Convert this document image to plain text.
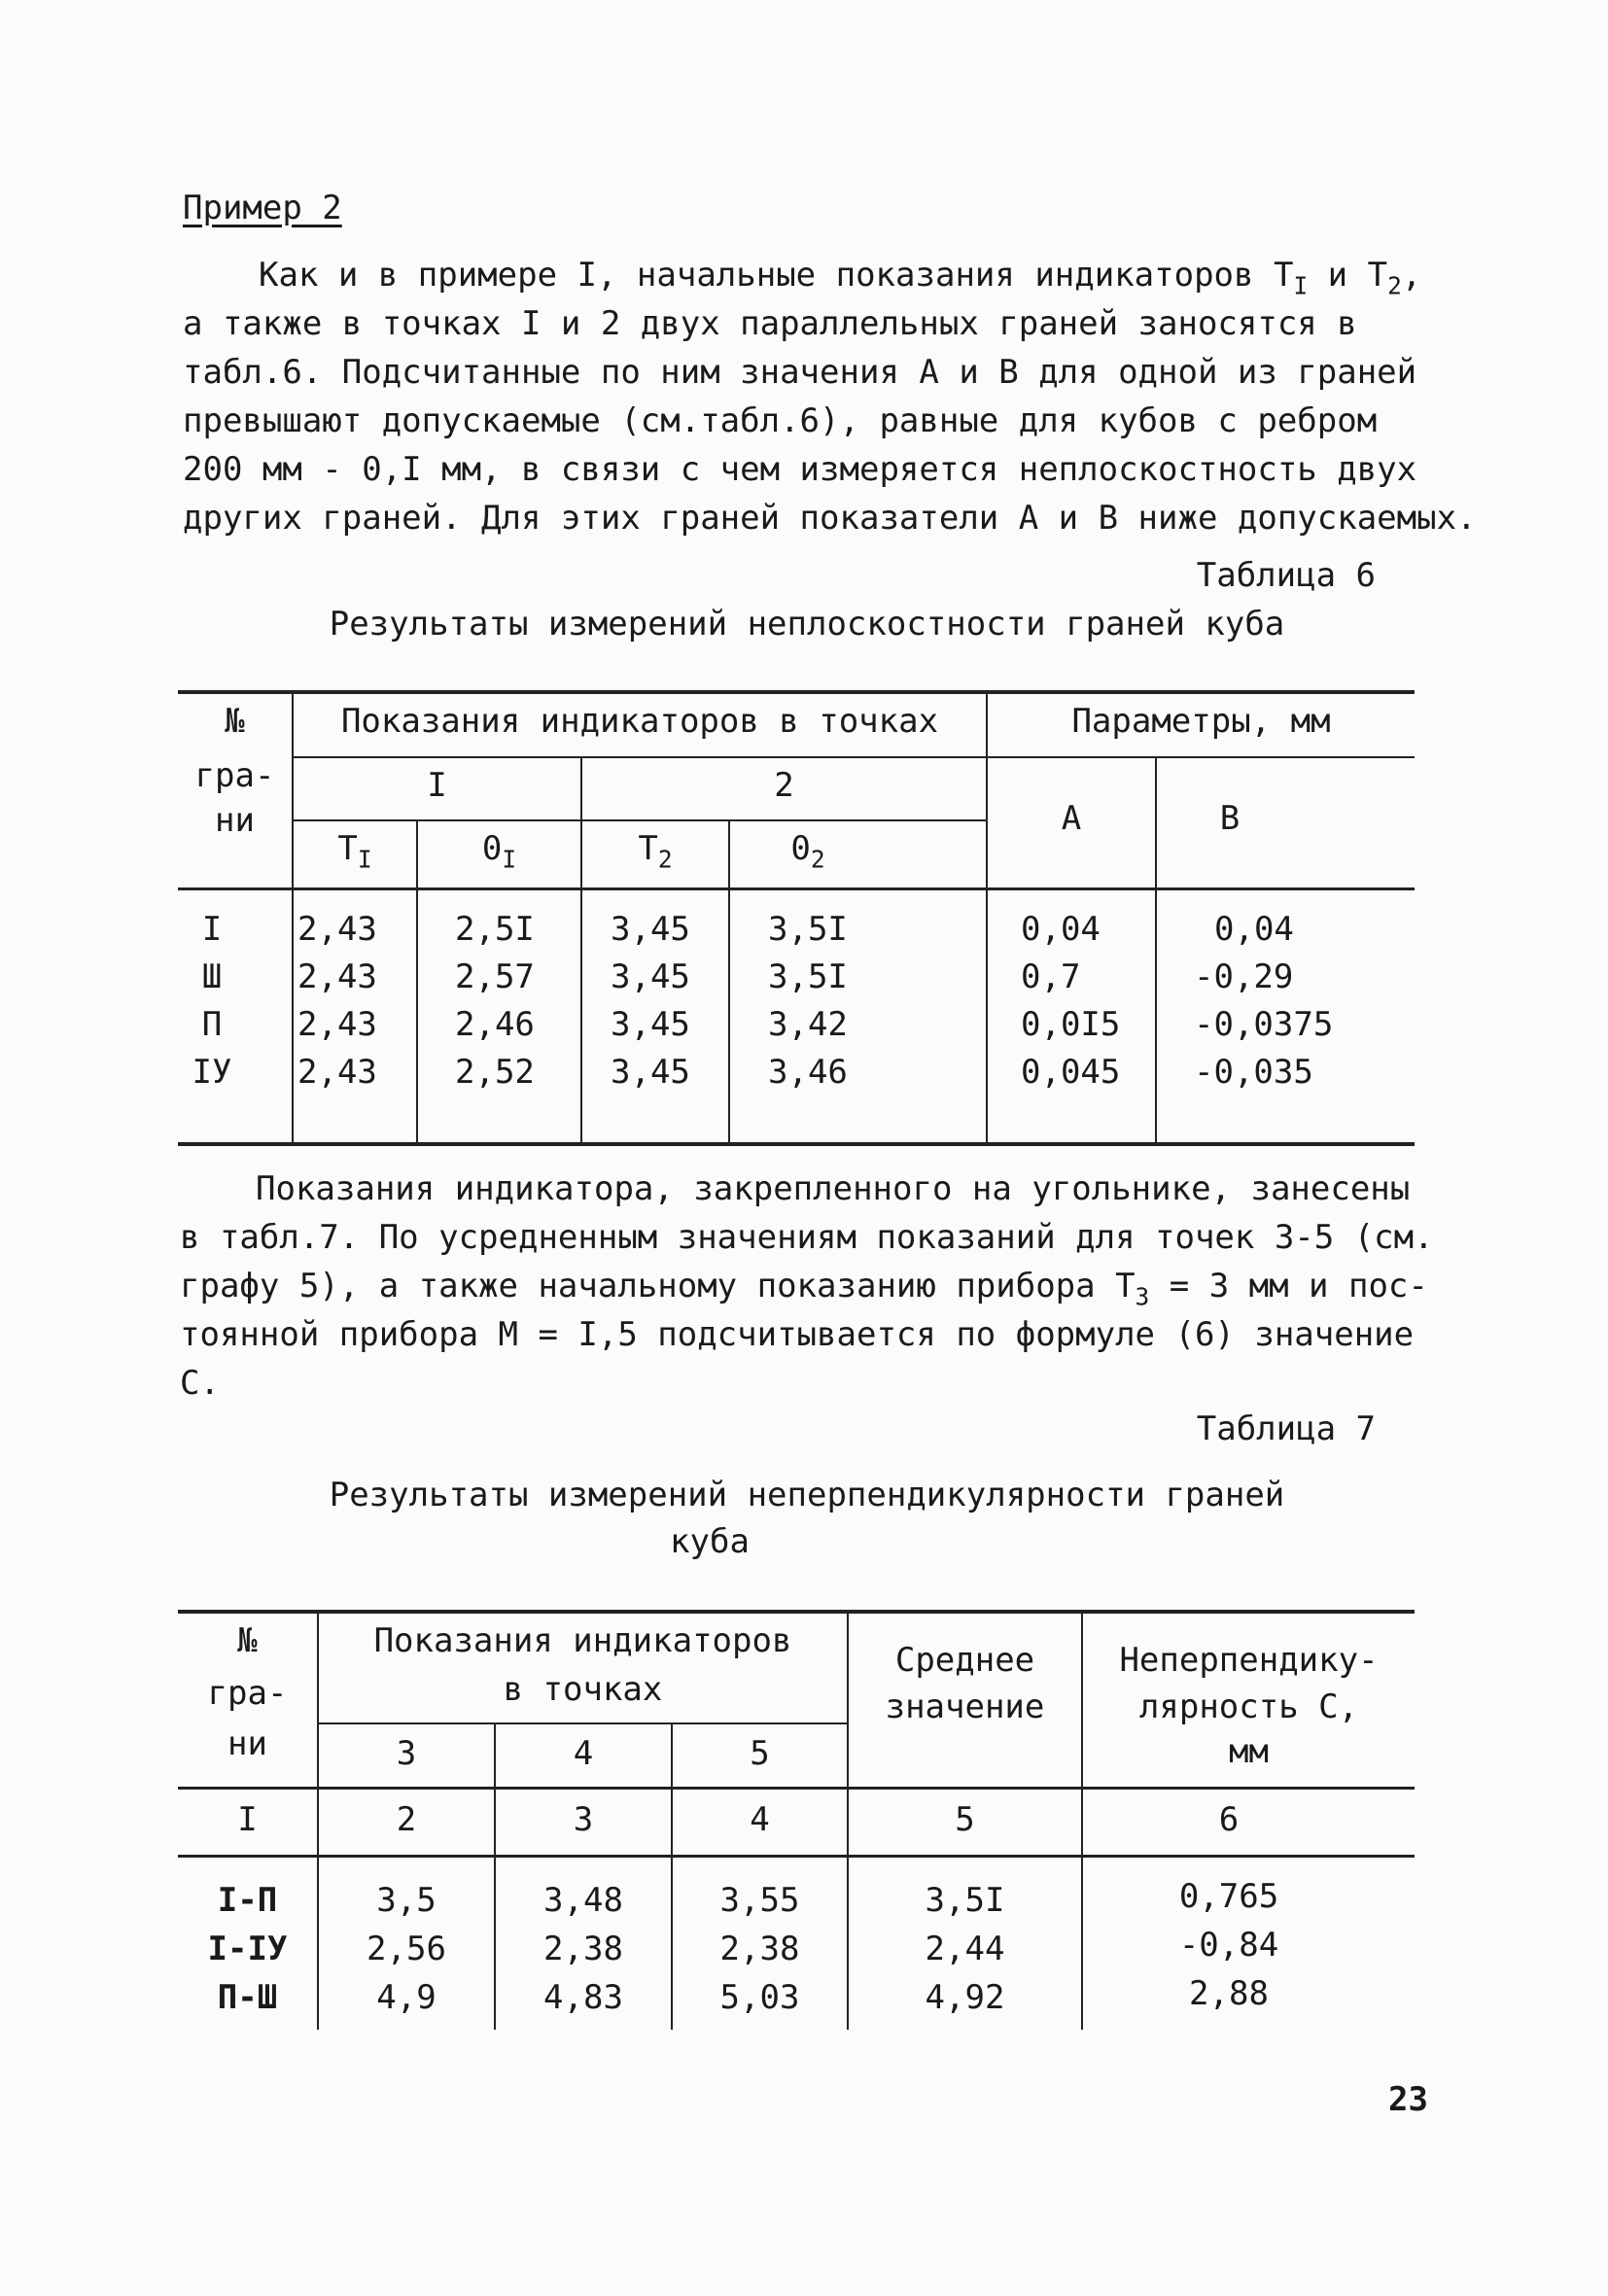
Пример 2
Как и в примере I, начальные показания индикаторов $T_I$ и $T_2$,
а также в точках I и 2 двух параллельных граней заносятся в
табл.6. Подсчитанные по ним значения A и B для одной из граней
превышают допускаемые (см.табл.6), равные для кубов с ребром
200 мм - 0,I мм, в связи с чем измеряется неплоскостность двух
других граней. Для этих граней показатели A и B ниже допускаемых.
Таблица 6
Результаты измерений неплоскостности граней куба
№
гра-
ни
Показания индикаторов в точках	Параметры, мм
I	2
$T_I$	$0_I$	$T_2$	$0_2$
A	B
I	2,43 2,5I 3,45 3,5I	0,04	0,04
Ш	2,43 2,57 3,45 3,5I	0,7	-0,29
П	2,43 2,46 3,45 3,42	0,0I5 -0,0375
IУ	2,43 2,52 3,45 3,46	0,045 -0,035
Показания индикатора, закрепленного на угольнике, занесены
в табл.7. По усредненным значениям показаний для точек 3-5 (см.
графу 5), а также начальному показанию прибора $T_3 = 3$ мм и пос-
тоянной прибора M = I,5 подсчитывается по формуле (6) значение
C.
Таблица 7
Результаты измерений неперпендикулярности граней
куба
№
гра-
ни
Показания индикаторов
в точках
Среднее
значение
Неперпендику-
лярность C,
мм
3	4	5
I	2	3	4	5	6
I-П	3,5	3,48	3,55	3,5I	0,765
I-IУ	2,56	2,38	2,38	2,44	-0,84
П-Ш	4,9	4,83	5,03	4,92	2,88
23
